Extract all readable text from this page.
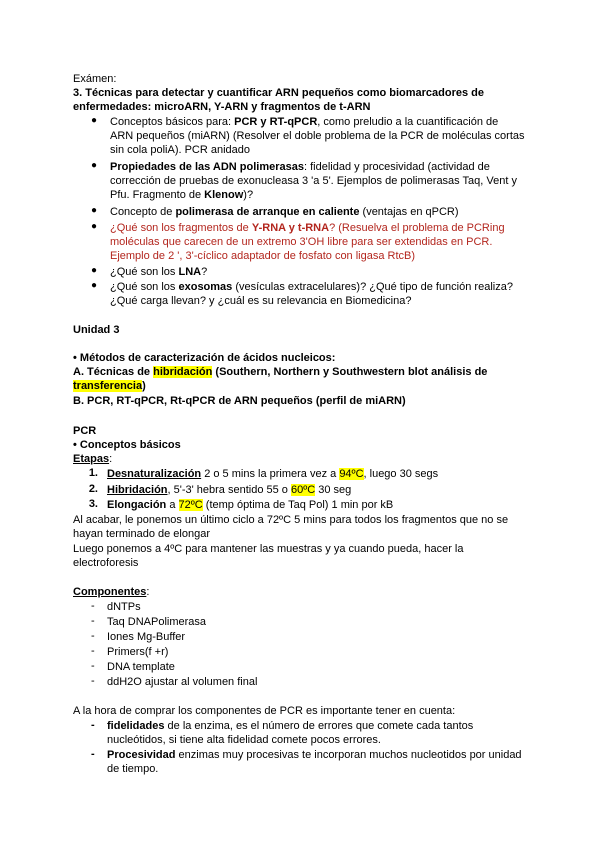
Exámen:
3. Técnicas para detectar y cuantificar ARN pequeños como biomarcadores de
enfermedades: microARN, Y-ARN y fragmentos de t-ARN
● Conceptos básicos para: PCR y RT-qPCR, como preludio a la cuantificación de
ARN pequeños (miARN) (Resolver el doble problema de la PCR de moléculas cortas
sin cola poliA). PCR anidado
● Propiedades de las ADN polimerasas: fidelidad y procesividad (actividad de
corrección de pruebas de exonucleasa 3 'a 5'. Ejemplos de polimerasas Taq, Vent y
Pfu. Fragmento de Klenow)?
● Concepto de polimerasa de arranque en caliente (ventajas en qPCR)
● ¿Qué son los fragmentos de Y-RNA y t-RNA? (Resuelva el problema de PCRing
moléculas que carecen de un extremo 3'OH libre para ser extendidas en PCR.
Ejemplo de 2 ', 3'-cíclico adaptador de fosfato con ligasa RtcB)
● ¿Qué son los LNA?
● ¿Qué son los exosomas (vesículas extracelulares)? ¿Qué tipo de función realiza?
¿Qué carga llevan? y ¿cuál es su relevancia en Biomedicina?
Unidad 3
• Métodos de caracterización de ácidos nucleicos:
A. Técnicas de hibridación (Southern, Northern y Southwestern blot análisis de
transferencia)
B. PCR, RT-qPCR, Rt-qPCR de ARN pequeños (perfil de miARN)
PCR
• Conceptos básicos
Etapas:
1. Desnaturalización 2 o 5 mins la primera vez a 94ºC, luego 30 segs
2. Hibridación, 5'-3' hebra sentido 55 o 60ºC 30 seg
3. Elongación a 72ºC (temp óptima de Taq Pol) 1 min por kB
Al acabar, le ponemos un último ciclo a 72ºC 5 mins para todos los fragmentos que no se
hayan terminado de elongar
Luego ponemos a 4ºC para mantener las muestras y ya cuando pueda, hacer la
electroforesis
Componentes:
- dNTPs
- Taq DNAPolimerasa
- Iones Mg-Buffer
- Primers(f +r)
- DNA template
- ddH2O ajustar al volumen final
A la hora de comprar los componentes de PCR es importante tener en cuenta:
- fidelidades de la enzima, es el número de errores que comete cada tantos
nucleótidos, si tiene alta fidelidad comete pocos errores.
- Procesividad enzimas muy procesivas te incorporan muchos nucleotidos por unidad
de tiempo.
